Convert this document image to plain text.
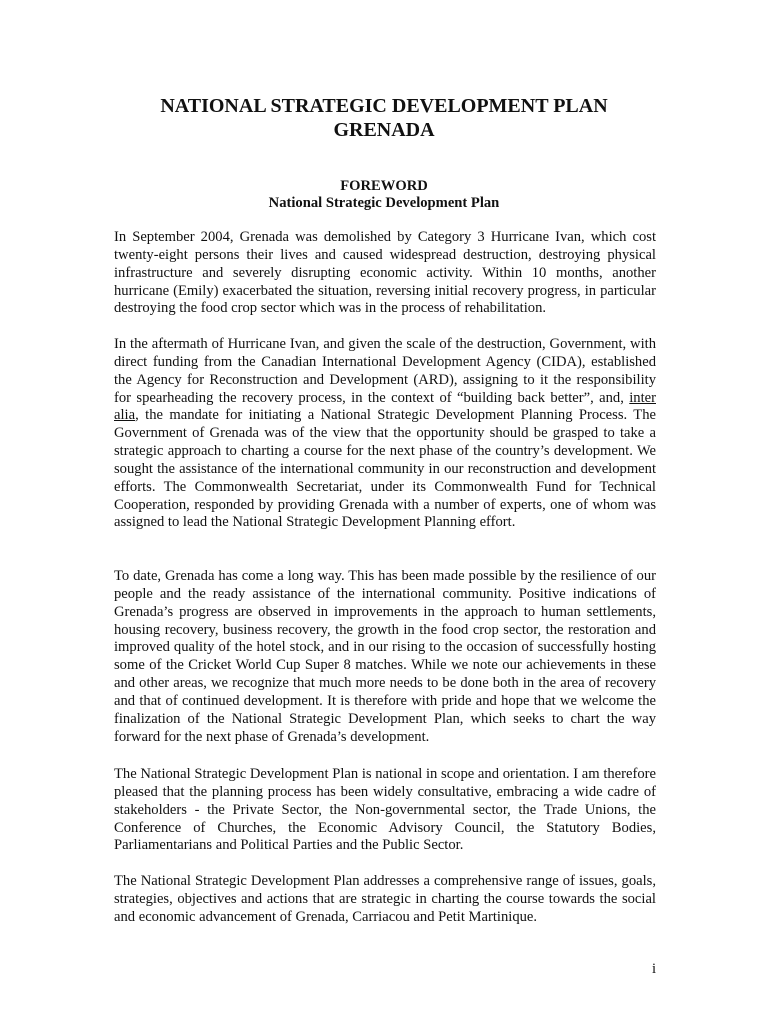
NATIONAL STRATEGIC DEVELOPMENT PLAN
GRENADA
FOREWORD
National Strategic Development Plan

In September 2004, Grenada was demolished by Category 3 Hurricane Ivan, which cost twenty-eight persons their lives and caused widespread destruction, destroying physical infrastructure and severely disrupting economic activity. Within 10 months, another hurricane (Emily) exacerbated the situation, reversing initial recovery progress, in particular destroying the food crop sector which was in the process of rehabilitation.

In the aftermath of Hurricane Ivan, and given the scale of the destruction, Government, with direct funding from the Canadian International Development Agency (CIDA), established the Agency for Reconstruction and Development (ARD), assigning to it the responsibility for spearheading the recovery process, in the context of “building back better”, and, inter alia, the mandate for initiating a National Strategic Development Planning Process. The Government of Grenada was of the view that the opportunity should be grasped to take a strategic approach to charting a course for the next phase of the country’s development. We sought the assistance of the international community in our reconstruction and development efforts. The Commonwealth Secretariat, under its Commonwealth Fund for Technical Cooperation, responded by providing Grenada with a number of experts, one of whom was assigned to lead the National Strategic Development Planning effort.

To date, Grenada has come a long way. This has been made possible by the resilience of our people and the ready assistance of the international community. Positive indications of Grenada’s progress are observed in improvements in the approach to human settlements, housing recovery, business recovery, the growth in the food crop sector, the restoration and improved quality of the hotel stock, and in our rising to the occasion of successfully hosting some of the Cricket World Cup Super 8 matches. While we note our achievements in these and other areas, we recognize that much more needs to be done both in the area of recovery and that of continued development. It is therefore with pride and hope that we welcome the finalization of the National Strategic Development Plan, which seeks to chart the way forward for the next phase of Grenada’s development.

The National Strategic Development Plan is national in scope and orientation. I am therefore pleased that the planning process has been widely consultative, embracing a wide cadre of stakeholders - the Private Sector, the Non-governmental sector, the Trade Unions, the Conference of Churches, the Economic Advisory Council, the Statutory Bodies, Parliamentarians and Political Parties and the Public Sector.

The National Strategic Development Plan addresses a comprehensive range of issues, goals, strategies, objectives and actions that are strategic in charting the course towards the social and economic advancement of Grenada, Carriacou and Petit Martinique.

i
